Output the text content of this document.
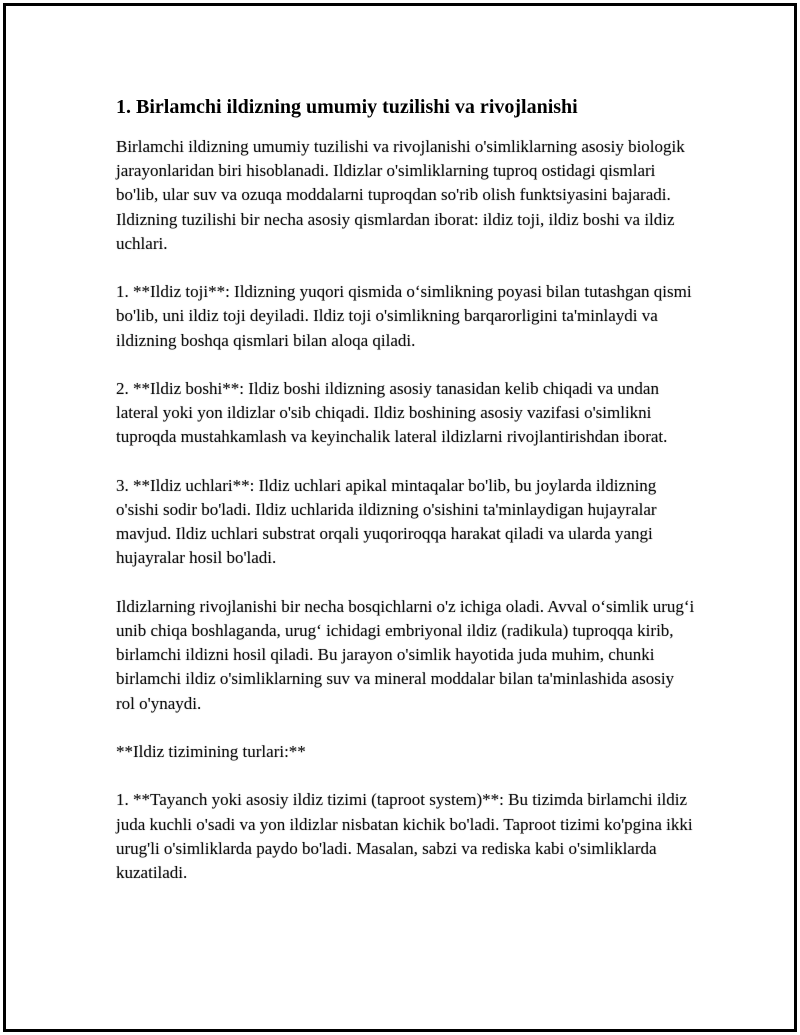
1. Birlamchi ildizning umumiy tuzilishi va rivojlanishi

Birlamchi ildizning umumiy tuzilishi va rivojlanishi o'simliklarning asosiy biologik jarayonlaridan biri hisoblanadi. Ildizlar o'simliklarning tuproq ostidagi qismlari bo'lib, ular suv va ozuqa moddalarni tuproqdan so'rib olish funktsiyasini bajaradi. Ildizning tuzilishi bir necha asosiy qismlardan iborat: ildiz toji, ildiz boshi va ildiz uchlari.

1. **Ildiz toji**: Ildizning yuqori qismida o‘simlikning poyasi bilan tutashgan qismi bo'lib, uni ildiz toji deyiladi. Ildiz toji o'simlikning barqarorligini ta'minlaydi va ildizning boshqa qismlari bilan aloqa qiladi.

2. **Ildiz boshi**: Ildiz boshi ildizning asosiy tanasidan kelib chiqadi va undan lateral yoki yon ildizlar o'sib chiqadi. Ildiz boshining asosiy vazifasi o'simlikni tuproqda mustahkamlash va keyinchalik lateral ildizlarni rivojlantirishdan iborat.

3. **Ildiz uchlari**: Ildiz uchlari apikal mintaqalar bo'lib, bu joylarda ildizning o'sishi sodir bo'ladi. Ildiz uchlarida ildizning o'sishini ta'minlaydigan hujayralar mavjud. Ildiz uchlari substrat orqali yuqoriroqqa harakat qiladi va ularda yangi hujayralar hosil bo'ladi.

Ildizlarning rivojlanishi bir necha bosqichlarni o'z ichiga oladi. Avval o‘simlik urug‘i unib chiqa boshlaganda, urug‘ ichidagi embriyonal ildiz (radikula) tuproqqa kirib, birlamchi ildizni hosil qiladi. Bu jarayon o'simlik hayotida juda muhim, chunki birlamchi ildiz o'simliklarning suv va mineral moddalar bilan ta'minlashida asosiy rol o'ynaydi.

**Ildiz tizimining turlari:**

1. **Tayanch yoki asosiy ildiz tizimi (taproot system)**: Bu tizimda birlamchi ildiz juda kuchli o'sadi va yon ildizlar nisbatan kichik bo'ladi. Taproot tizimi ko'pgina ikki urug'li o'simliklarda paydo bo'ladi. Masalan, sabzi va rediska kabi o'simliklarda kuzatiladi.
